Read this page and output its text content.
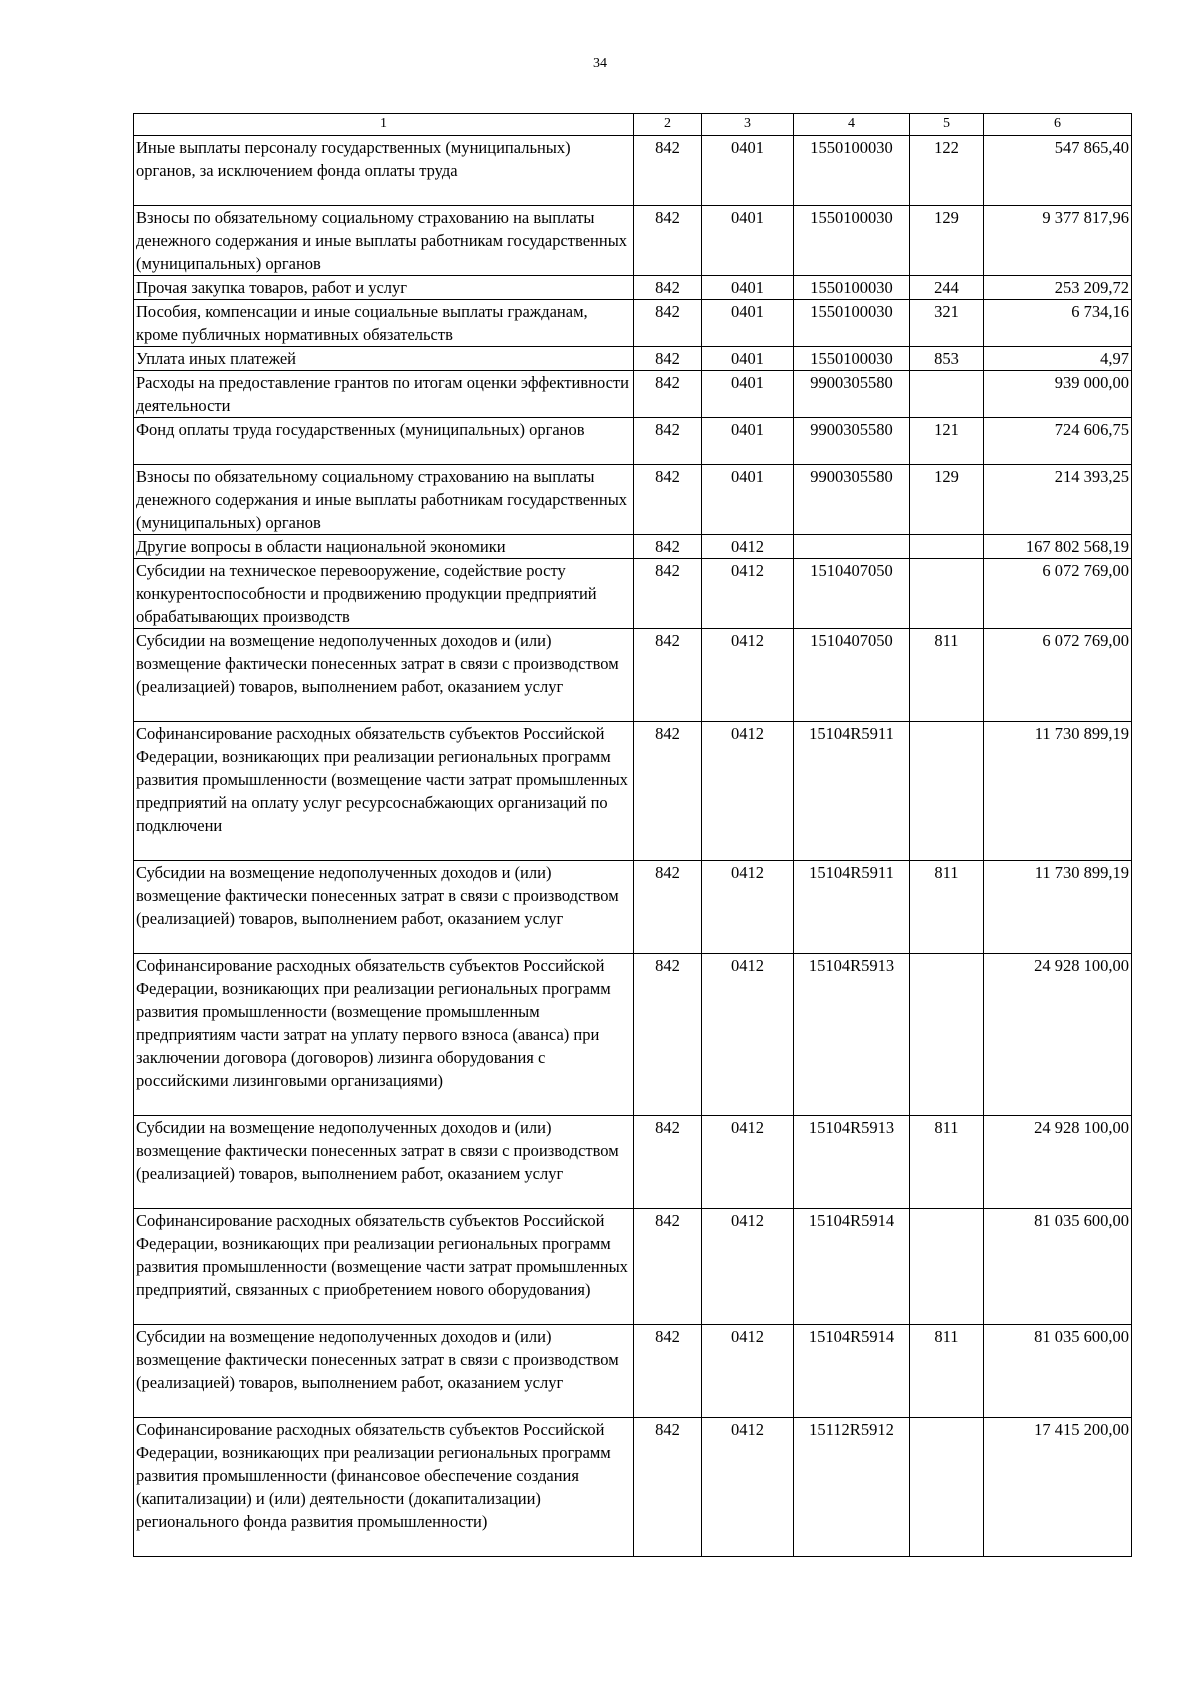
34
1	2	3	4	5	6
Иные выплаты персоналу государственных (муниципальных) органов, за исключением фонда оплаты труда	842	0401	1550100030	122	547 865,40
Взносы по обязательному социальному страхованию на выплаты денежного содержания и иные выплаты работникам государственных (муниципальных) органов	842	0401	1550100030	129	9 377 817,96
Прочая закупка товаров, работ и услуг	842	0401	1550100030	244	253 209,72
Пособия, компенсации и иные социальные выплаты гражданам, кроме публичных нормативных обязательств	842	0401	1550100030	321	6 734,16
Уплата иных платежей	842	0401	1550100030	853	4,97
Расходы на предоставление грантов по итогам оценки эффективности деятельности	842	0401	9900305580		939 000,00
Фонд оплаты труда государственных (муниципальных) органов	842	0401	9900305580	121	724 606,75
Взносы по обязательному социальному страхованию на выплаты денежного содержания и иные выплаты работникам государственных (муниципальных) органов	842	0401	9900305580	129	214 393,25
Другие вопросы в области национальной экономики	842	0412			167 802 568,19
Субсидии на техническое перевооружение, содействие росту конкурентоспособности и продвижению продукции предприятий обрабатывающих производств	842	0412	1510407050		6 072 769,00
Субсидии на возмещение недополученных доходов и (или) возмещение фактически понесенных затрат в связи с производством (реализацией) товаров, выполнением работ, оказанием услуг	842	0412	1510407050	811	6 072 769,00
Софинансирование расходных обязательств субъектов Российской Федерации, возникающих при реализации региональных программ развития промышленности (возмещение части затрат промышленных предприятий на оплату услуг ресурсоснабжающих организаций по подключени	842	0412	15104R5911		11 730 899,19
Субсидии на возмещение недополученных доходов и (или) возмещение фактически понесенных затрат в связи с производством (реализацией) товаров, выполнением работ, оказанием услуг	842	0412	15104R5911	811	11 730 899,19
Софинансирование расходных обязательств субъектов Российской Федерации, возникающих при реализации региональных программ развития промышленности (возмещение промышленным предприятиям части затрат на уплату первого взноса (аванса) при заключении договора (договоров) лизинга оборудования с российскими лизинговыми организациями)	842	0412	15104R5913		24 928 100,00
Субсидии на возмещение недополученных доходов и (или) возмещение фактически понесенных затрат в связи с производством (реализацией) товаров, выполнением работ, оказанием услуг	842	0412	15104R5913	811	24 928 100,00
Софинансирование расходных обязательств субъектов Российской Федерации, возникающих при реализации региональных программ развития промышленности (возмещение части затрат промышленных предприятий, связанных с приобретением нового оборудования)	842	0412	15104R5914		81 035 600,00
Субсидии на возмещение недополученных доходов и (или) возмещение фактически понесенных затрат в связи с производством (реализацией) товаров, выполнением работ, оказанием услуг	842	0412	15104R5914	811	81 035 600,00
Софинансирование расходных обязательств субъектов Российской Федерации, возникающих при реализации региональных программ развития промышленности (финансовое обеспечение создания (капитализации) и (или) деятельности (докапитализации) регионального фонда развития промышленности)	842	0412	15112R5912		17 415 200,00
